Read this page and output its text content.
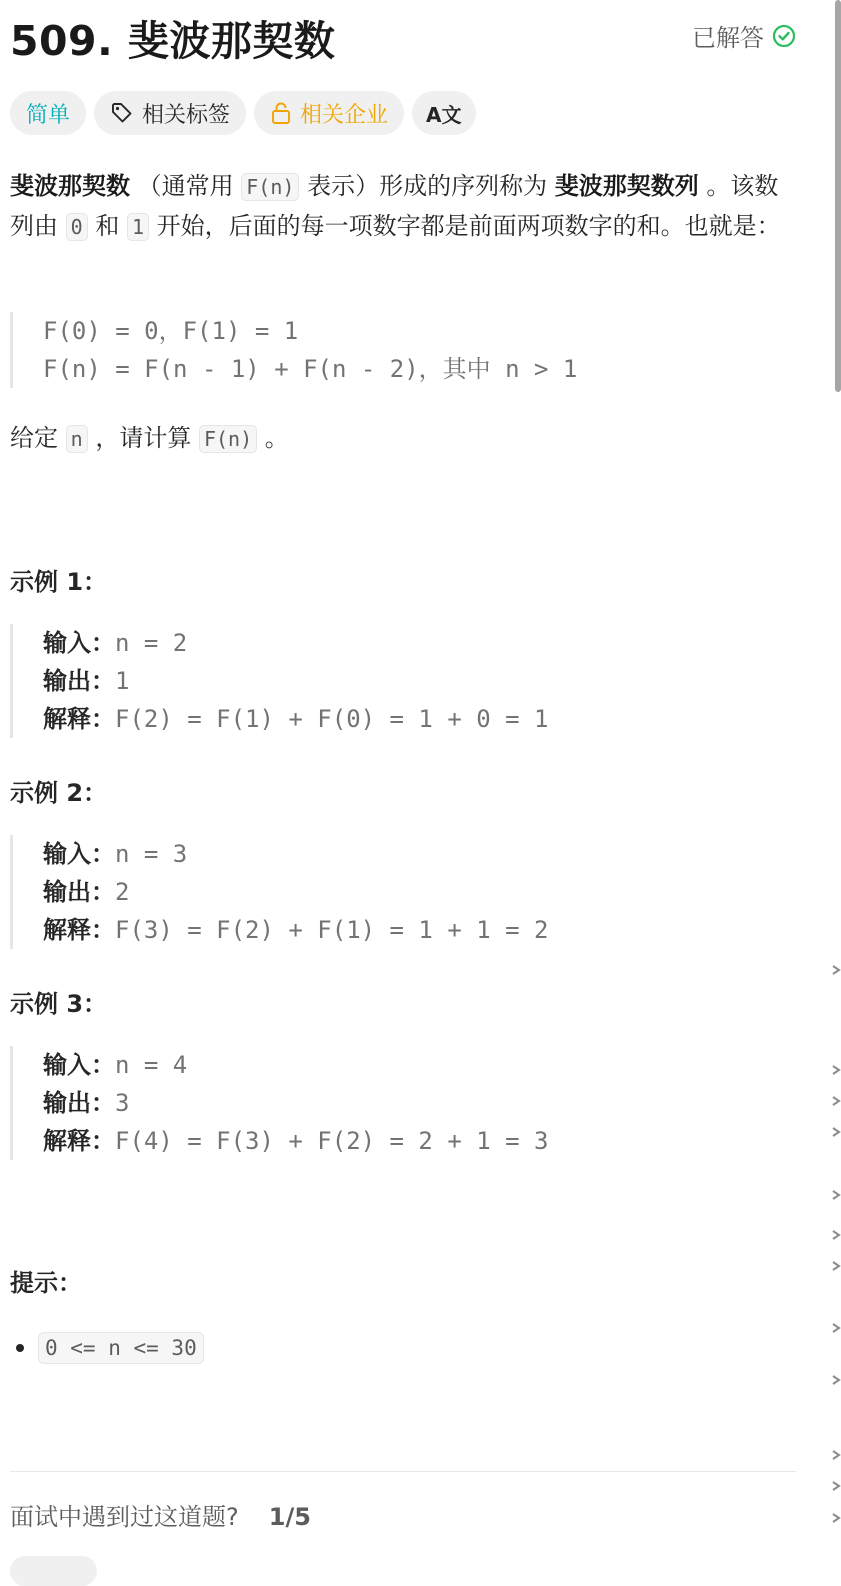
509. 斐波那契数	已解答
简单	相关标签	相关企业 A文
斐波那契数 （通常用 F(n) 表示）形成的序列称为 斐波那契数列 。该数列由 0 和 1 开始，后面的每一项数字都是前面两项数字的和。也就是：
F(0) = 0，F(1) = 1
F(n) = F(n - 1) + F(n - 2)，其中 n > 1
给定 n ，请计算 F(n) 。
示例 1：
输入：n = 2
输出：1
解释：F(2) = F(1) + F(0) = 1 + 0 = 1
示例 2：
输入：n = 3
输出：2
解释：F(3) = F(2) + F(1) = 1 + 1 = 2
示例 3：
输入：n = 4
输出：3
解释：F(4) = F(3) + F(2) = 2 + 1 = 3
提示：
0 <= n <= 30
面试中遇到过这道题? 1/5
